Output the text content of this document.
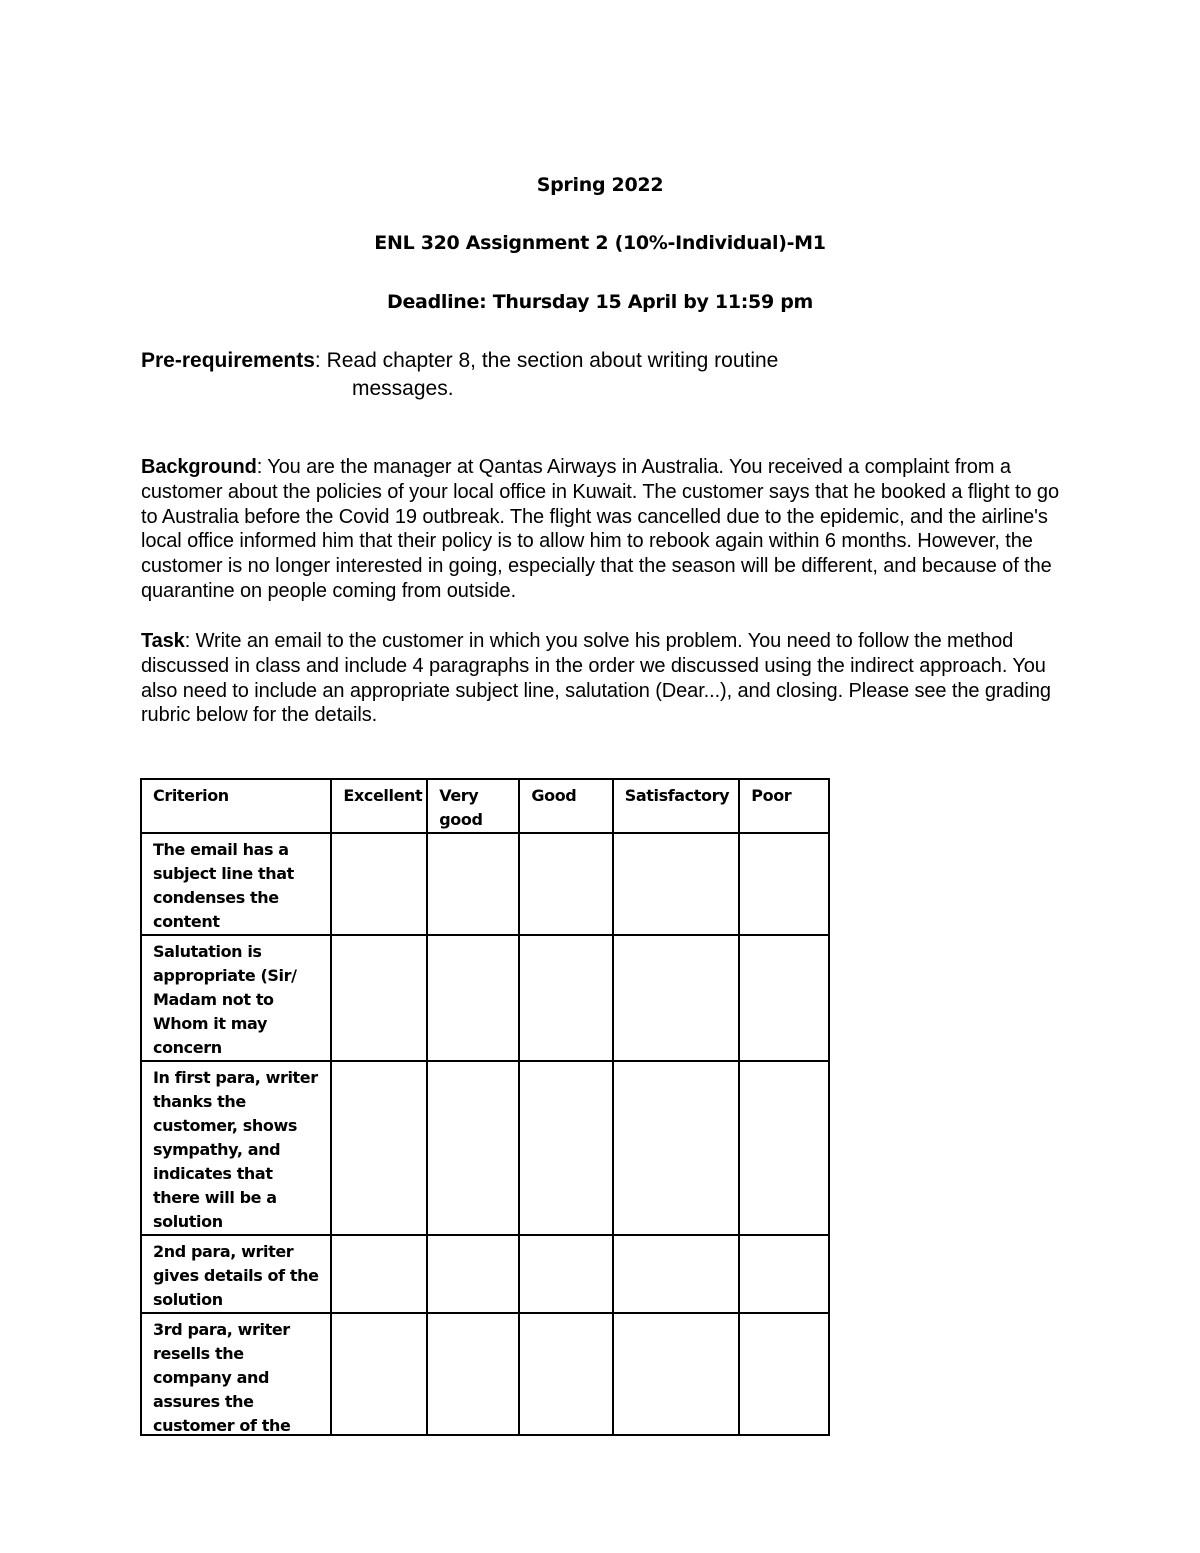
Spring 2022
ENL 320 Assignment 2 (10%-Individual)-M1
Deadline: Thursday 15 April by 11:59 pm
Pre-requirements: Read chapter 8, the section about writing routine
messages.
Background: You are the manager at Qantas Airways in Australia. You received a complaint from a customer about the policies of your local office in Kuwait. The customer says that he booked a flight to go to Australia before the Covid 19 outbreak. The flight was cancelled due to the epidemic, and the airline's local office informed him that their policy is to allow him to rebook again within 6 months. However, the customer is no longer interested in going, especially that the season will be different, and because of the quarantine on people coming from outside.
Task: Write an email to the customer in which you solve his problem. You need to follow the method discussed in class and include 4 paragraphs in the order we discussed using the indirect approach. You also need to include an appropriate subject line, salutation (Dear...), and closing. Please see the grading rubric below for the details.
Criterion	Excellent	Very good	Good	Satisfactory	Poor
The email has a subject line that condenses the content					
Salutation is appropriate (Sir/ Madam not to Whom it may concern					
In first para, writer thanks the customer, shows sympathy, and indicates that there will be a solution					
2nd para, writer gives details of the solution					

3rd para, writer resells the company and assures the customer of the					
